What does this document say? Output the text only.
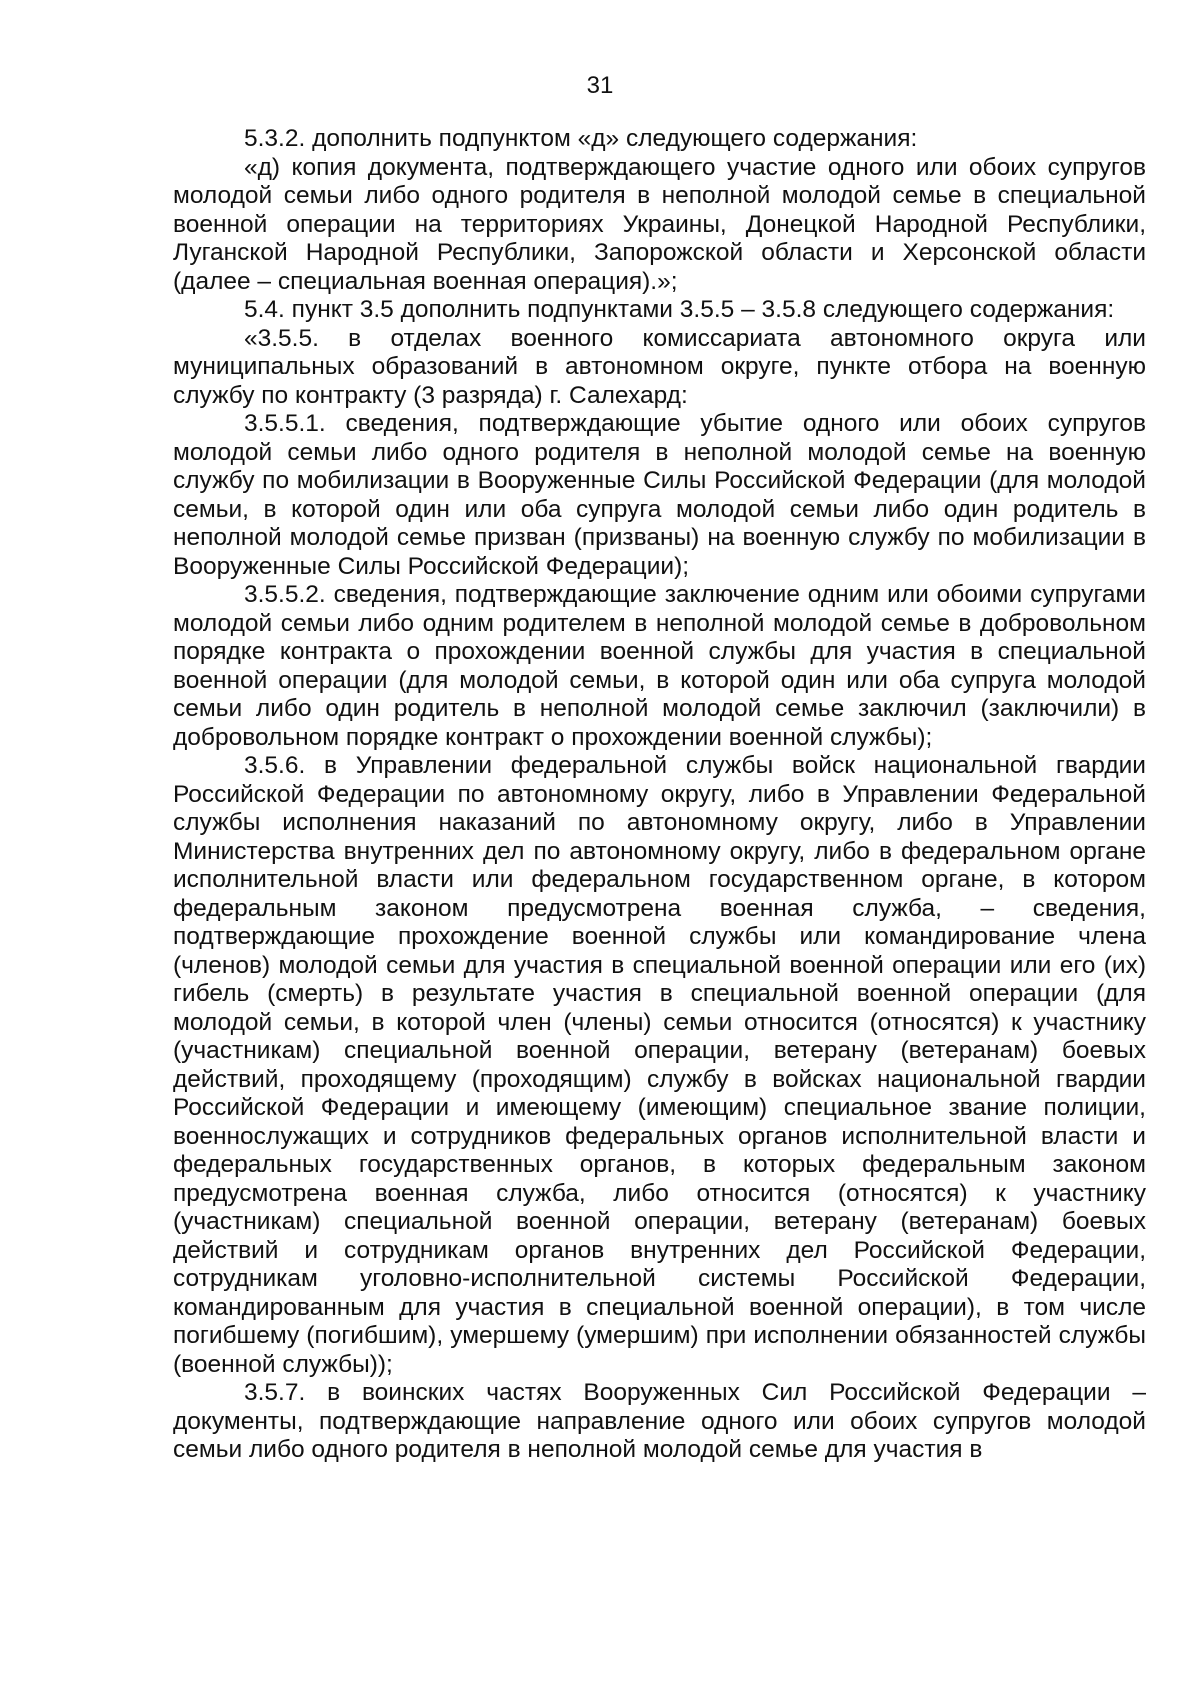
31

5.3.2. дополнить подпунктом «д» следующего содержания:

«д) копия документа, подтверждающего участие одного или обоих супругов молодой семьи либо одного родителя в неполной молодой семье в специальной военной операции на территориях Украины, Донецкой Народной Республики, Луганской Народной Республики, Запорожской области и Херсонской области (далее – специальная военная операция).»;

5.4. пункт 3.5 дополнить подпунктами 3.5.5 – 3.5.8 следующего содержания:

«3.5.5. в отделах военного комиссариата автономного округа или муниципальных образований в автономном округе, пункте отбора на военную службу по контракту (3 разряда) г. Салехард:

3.5.5.1. сведения, подтверждающие убытие одного или обоих супругов молодой семьи либо одного родителя в неполной молодой семье на военную службу по мобилизации в Вооруженные Силы Российской Федерации (для молодой семьи, в которой один или оба супруга молодой семьи либо один родитель в неполной молодой семье призван (призваны) на военную службу по мобилизации в Вооруженные Силы Российской Федерации);

3.5.5.2. сведения, подтверждающие заключение одним или обоими супругами молодой семьи либо одним родителем в неполной молодой семье в добровольном порядке контракта о прохождении военной службы для участия в специальной военной операции (для молодой семьи, в которой один или оба супруга молодой семьи либо один родитель в неполной молодой семье заключил (заключили) в добровольном порядке контракт о прохождении военной службы);

3.5.6. в Управлении федеральной службы войск национальной гвардии Российской Федерации по автономному округу, либо в Управлении Федеральной службы исполнения наказаний по автономному округу, либо в Управлении Министерства внутренних дел по автономному округу, либо в федеральном органе исполнительной власти или федеральном государственном органе, в котором федеральным законом предусмотрена военная служба, – сведения, подтверждающие прохождение военной службы или командирование члена (членов) молодой семьи для участия в специальной военной операции или его (их) гибель (смерть) в результате участия в специальной военной операции (для молодой семьи, в которой член (члены) семьи относится (относятся) к участнику (участникам) специальной военной операции, ветерану (ветеранам) боевых действий, проходящему (проходящим) службу в войсках национальной гвардии Российской Федерации и имеющему (имеющим) специальное звание полиции, военнослужащих и сотрудников федеральных органов исполнительной власти и федеральных государственных органов, в которых федеральным законом предусмотрена военная служба, либо относится (относятся) к участнику (участникам) специальной военной операции, ветерану (ветеранам) боевых действий и сотрудникам органов внутренних дел Российской Федерации, сотрудникам уголовно-исполнительной системы Российской Федерации, командированным для участия в специальной военной операции), в том числе погибшему (погибшим), умершему (умершим) при исполнении обязанностей службы (военной службы));

3.5.7. в воинских частях Вооруженных Сил Российской Федерации – документы, подтверждающие направление одного или обоих супругов молодой семьи либо одного родителя в неполной молодой семье для участия в
